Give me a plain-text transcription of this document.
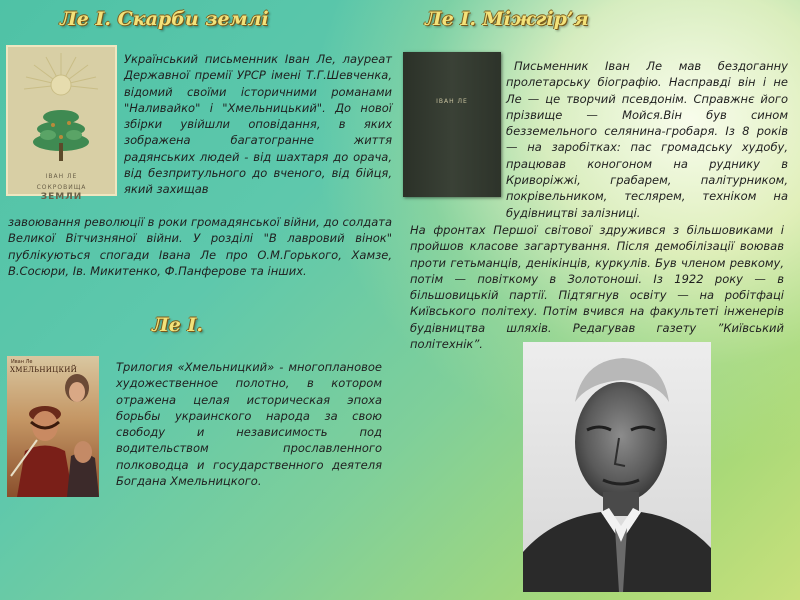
Ле І. Скарби землі
ІВАН ЛЕ
СОКРОВИЩА
ЗЕМЛИ

Український письменник Іван Ле, лауреат Державної премії УРСР імені Т.Г.Шевченка, відомий своїми історичними романами "Наливайко" і "Хмельницький". До нової збірки увійшли оповідання, в яких зображена багатогранне життя радянських людей - від шахтаря до орача, від безпритульного до вченого, від бійця, який захищав

завоювання революції в роки громадянської війни, до солдата Великої Вітчизняної війни. У розділі "В лавровий вінок" публікуються спогади Івана Ле про О.М.Горького, Хамзе, В.Сосюри, Ів. Микитенко, Ф.Панферове та інших.

Ле І. Міжгір’я
ІВАН ЛЕ

Письменник Іван Ле мав бездоганну пролетарську біографію. Насправді він і не Ле — це творчий псевдонім. Справжнє його прізвище — Мойся.Він був сином безземельного селянина-гробаря. Із 8 років — на заробітках: пас громадську худобу, працював коногоном на руднику в Криворіжжі, грабарем, палітурником, покрівельником, теслярем, техніком на будівництві залізниці.

На фронтах Першої світової здружився з більшовиками і пройшов класове загартування. Після демобілізації воював проти гетьманців, денікінців, куркулів. Був членом ревкому, потім — повіткому в Золотоноші. Із 1922 року — в більшовицькій партії. Підтягнув освіту — на робітфаці Київського політеху. Потім вчився на факультеті інженерів будівництва шляхів. Редагував газету ”Київський політехнік”.

Ле І.
Иван Ле
ХМЕЛЬНИЦКИЙ	Трилогия «Хмельницкий» - многоплановое художественное полотно, в котором отражена целая историческая эпоха борьбы украинского народа за свою свободу и независимость под водительством прославленного полководца и государственного деятеля Богдана Хмельницкого.
